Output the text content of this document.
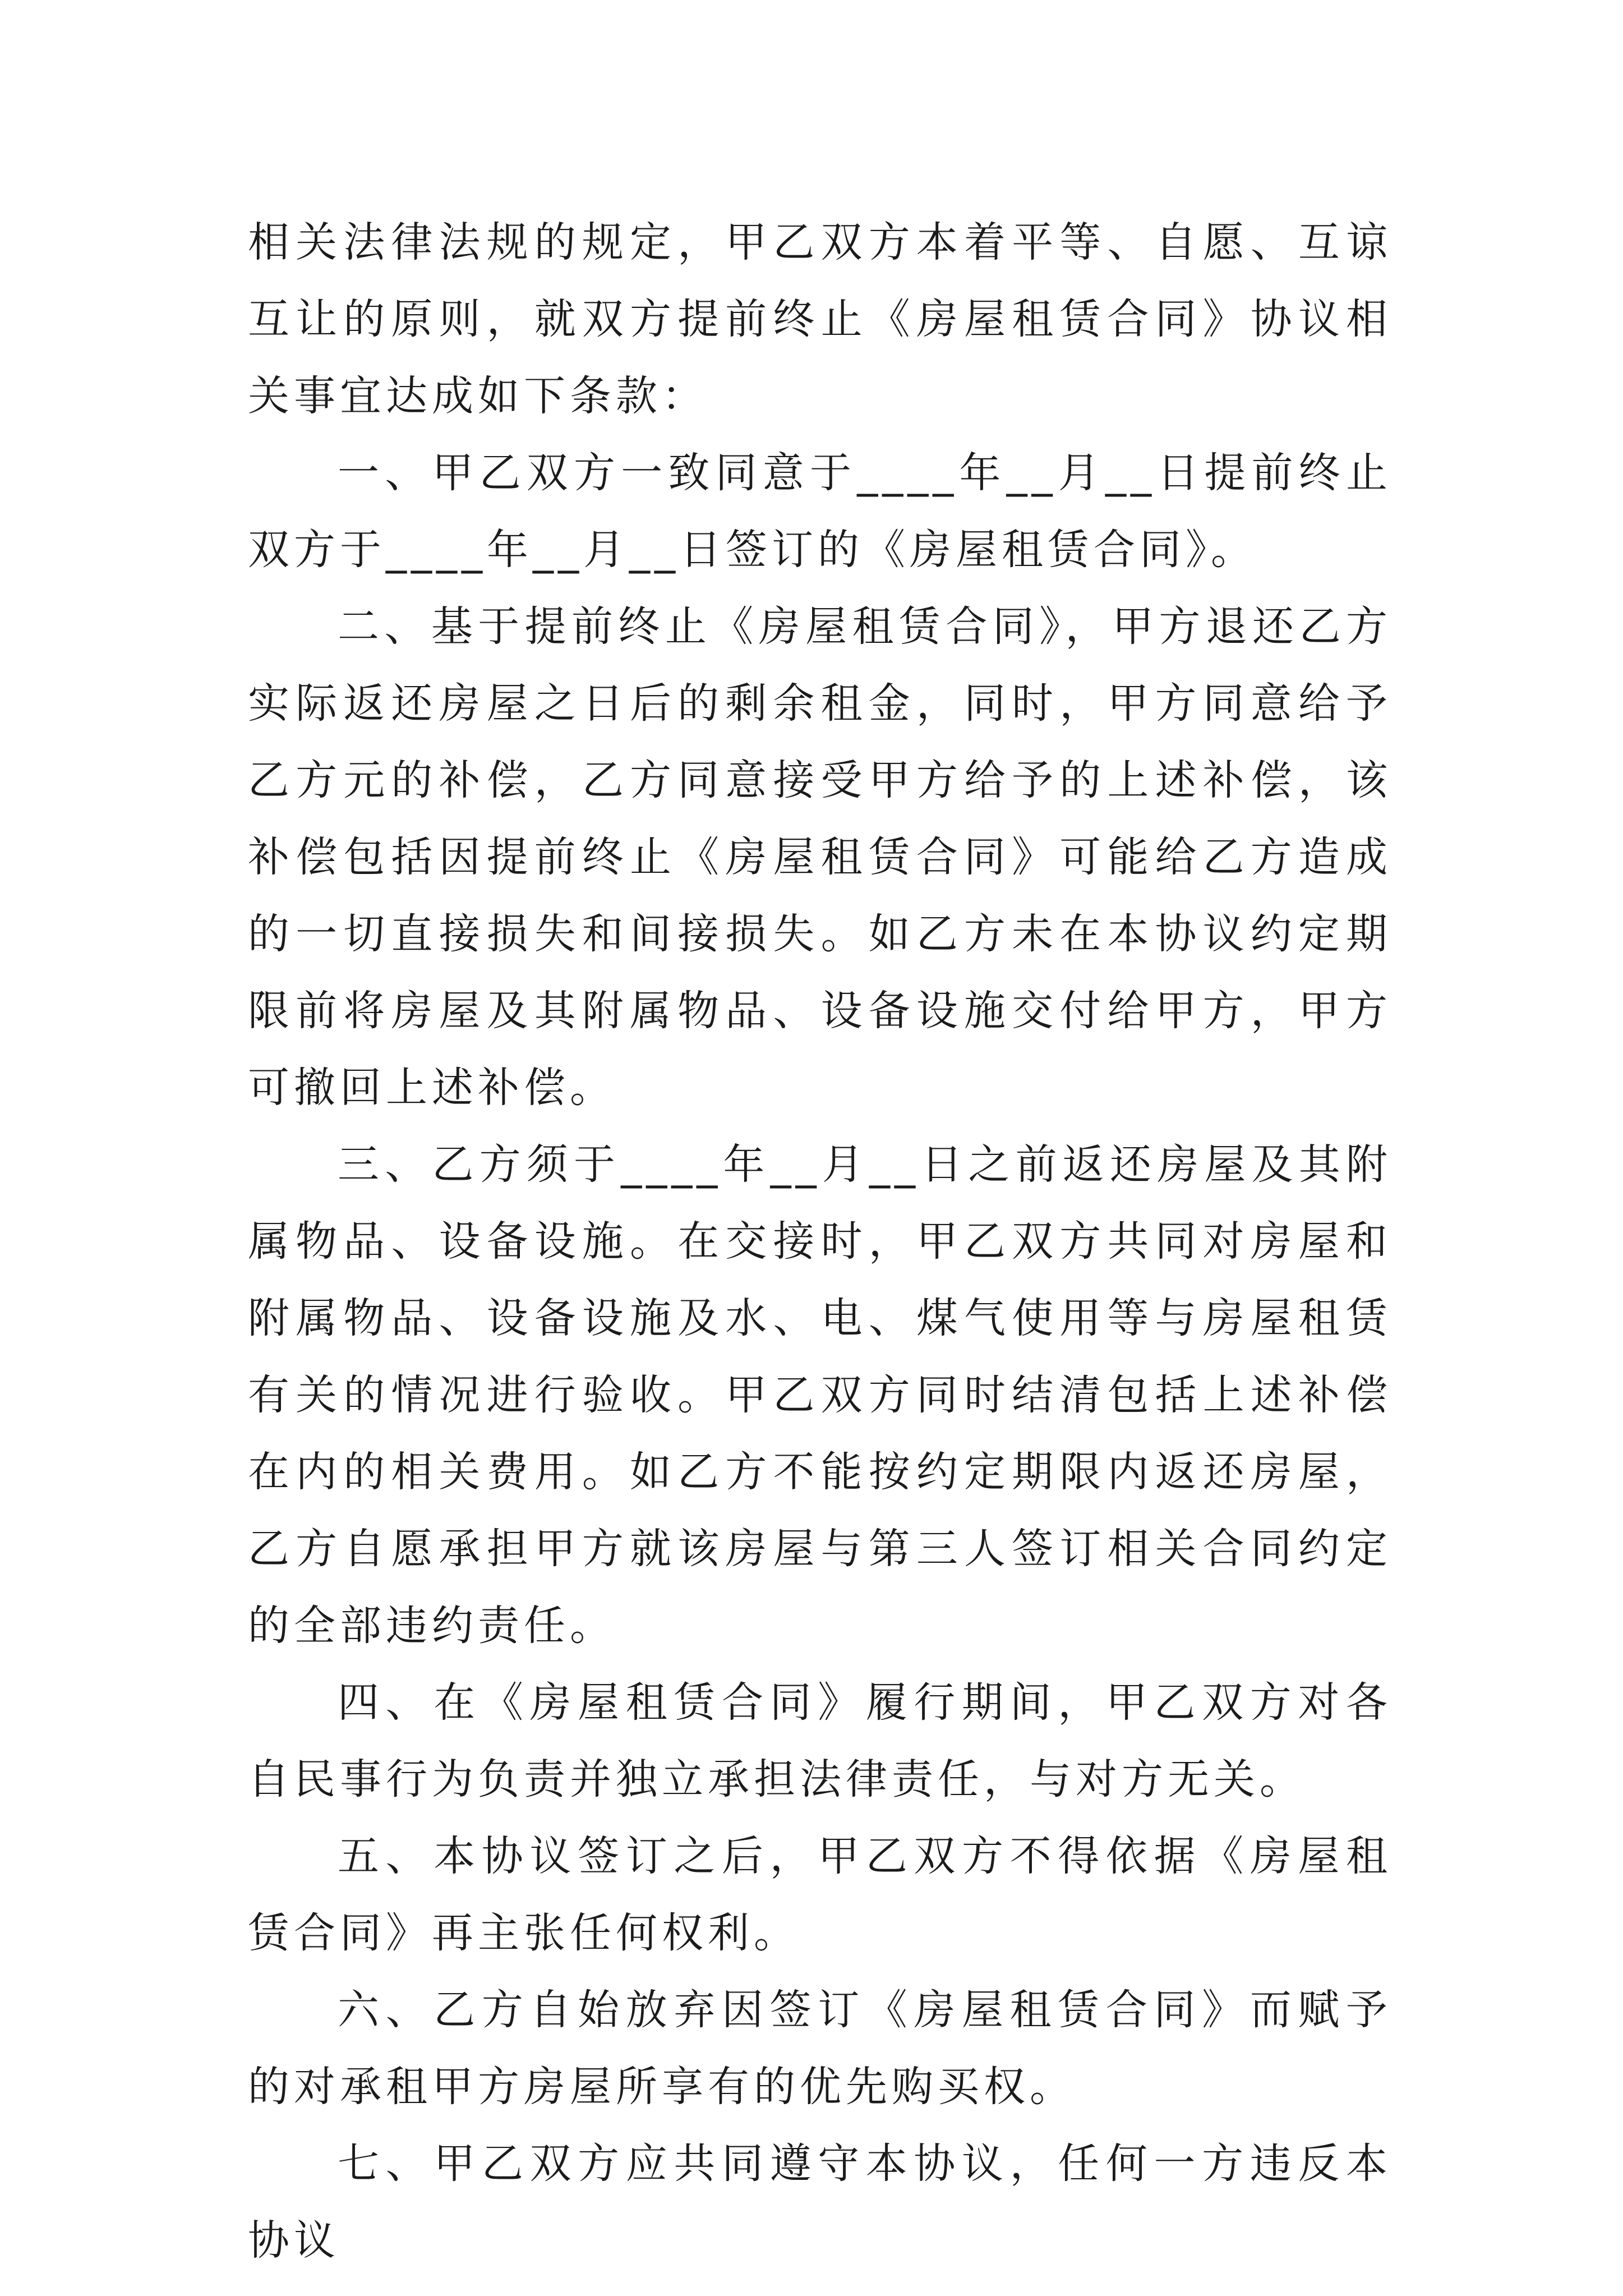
相关法律法规的规定，甲乙双方本着平等、自愿、互谅互让的原则，就双方提前终止《房屋租赁合同》协议相关事宜达成如下条款：

一、甲乙双方一致同意于____年__月__日提前终止双方于____年__月__日签订的《房屋租赁合同》。

二、基于提前终止《房屋租赁合同》，甲方退还乙方实际返还房屋之日后的剩余租金，同时，甲方同意给予乙方元的补偿，乙方同意接受甲方给予的上述补偿，该补偿包括因提前终止《房屋租赁合同》可能给乙方造成的一切直接损失和间接损失。如乙方未在本协议约定期限前将房屋及其附属物品、设备设施交付给甲方，甲方可撤回上述补偿。

三、乙方须于____年__月__日之前返还房屋及其附属物品、设备设施。在交接时，甲乙双方共同对房屋和附属物品、设备设施及水、电、煤气使用等与房屋租赁有关的情况进行验收。甲乙双方同时结清包括上述补偿在内的相关费用。如乙方不能按约定期限内返还房屋，乙方自愿承担甲方就该房屋与第三人签订相关合同约定的全部违约责任。

四、在《房屋租赁合同》履行期间，甲乙双方对各自民事行为负责并独立承担法律责任，与对方无关。

五、本协议签订之后，甲乙双方不得依据《房屋租赁合同》再主张任何权利。

六、乙方自始放弃因签订《房屋租赁合同》而赋予的对承租甲方房屋所享有的优先购买权。

七、甲乙双方应共同遵守本协议，任何一方违反本协议
